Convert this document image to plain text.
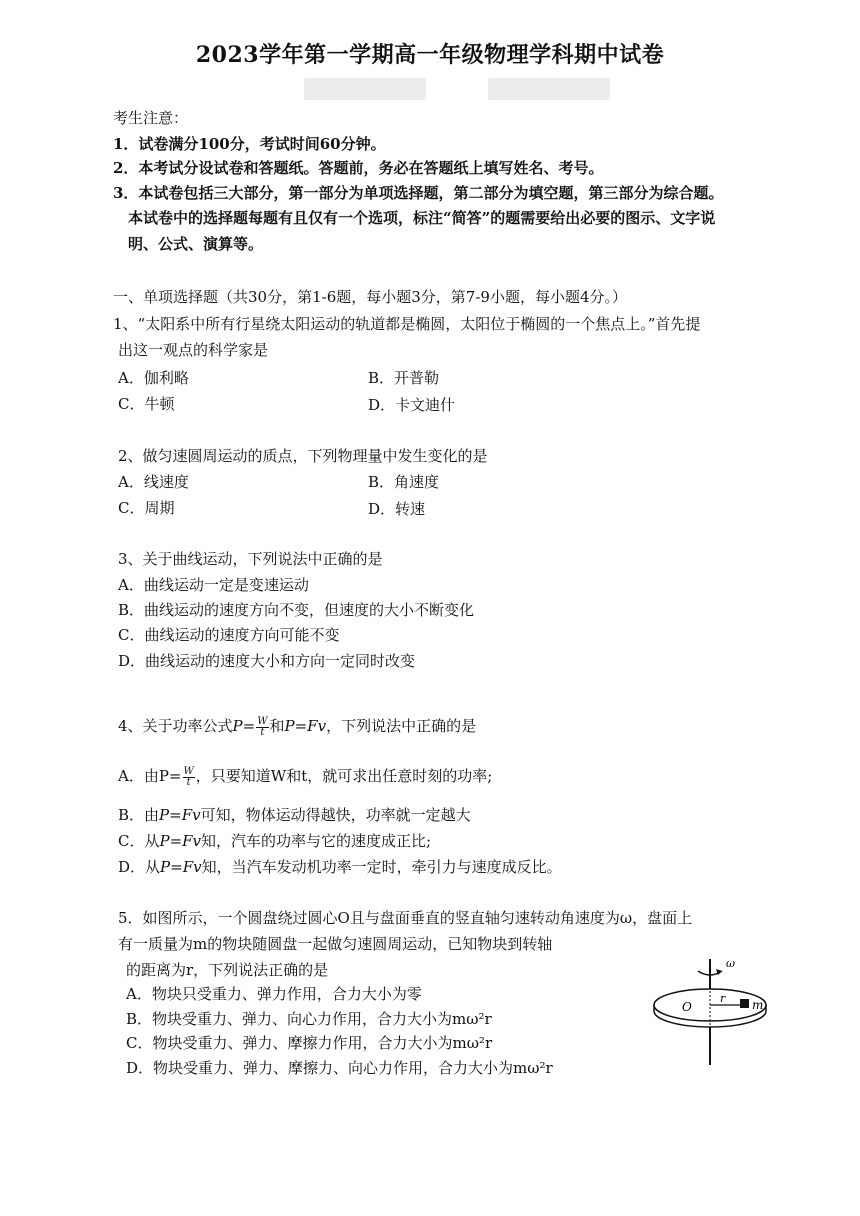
2023学年第一学期高一年级物理学科期中试卷
考生注意：
1．试卷满分100分，考试时间60分钟。
2．本考试分设试卷和答题纸。答题前，务必在答题纸上填写姓名、考号。
3．本试卷包括三大部分，第一部分为单项选择题，第二部分为填空题，第三部分为综合题。
本试卷中的选择题每题有且仅有一个选项，标注“简答”的题需要给出必要的图示、文字说
明、公式、演算等。
一、单项选择题（共30分，第1-6题，每小题3分，第7-9小题，每小题4分。）
1、“太阳系中所有行星绕太阳运动的轨道都是椭圆，太阳位于椭圆的一个焦点上。”首先提
出这一观点的科学家是
A．伽利略	B．开普勒
C．牛顿	D．卡文迪什
2、做匀速圆周运动的质点，下列物理量中发生变化的是
A．线速度	B．角速度
C．周期	D．转速
3、关于曲线运动，下列说法中正确的是
A．曲线运动一定是变速运动
B．曲线运动的速度方向不变，但速度的大小不断变化
C．曲线运动的速度方向可能不变
D．曲线运动的速度大小和方向一定同时改变
4、关于功率公式$P= \frac{W}{t}$ 和P=Fv，下列说法中正确的是
A．由$P= \frac{W}{t}$ ，只要知道W和t，就可求出任意时刻的功率;
B．由P=Fv可知，物体运动得越快，功率就一定越大
C．从P=Fv知，汽车的功率与它的速度成正比;
D．从P=Fv知，当汽车发动机功率一定时，牵引力与速度成反比。
5．如图所示，一个圆盘绕过圆心O且与盘面垂直的竖直轴匀速转动角速度为ω，盘面上
有一质量为m的物块随圆盘一起做匀速圆周运动，已知物块到转轴
的距离为r，下列说法正确的是
A．物块只受重力、弹力作用，合力大小为零
B．物块受重力、弹力、向心力作用，合力大小为mω²r
C．物块受重力、弹力、摩擦力作用，合力大小为mω²r
D．物块受重力、弹力、摩擦力、向心力作用，合力大小为mω²r
O
r m
ω
